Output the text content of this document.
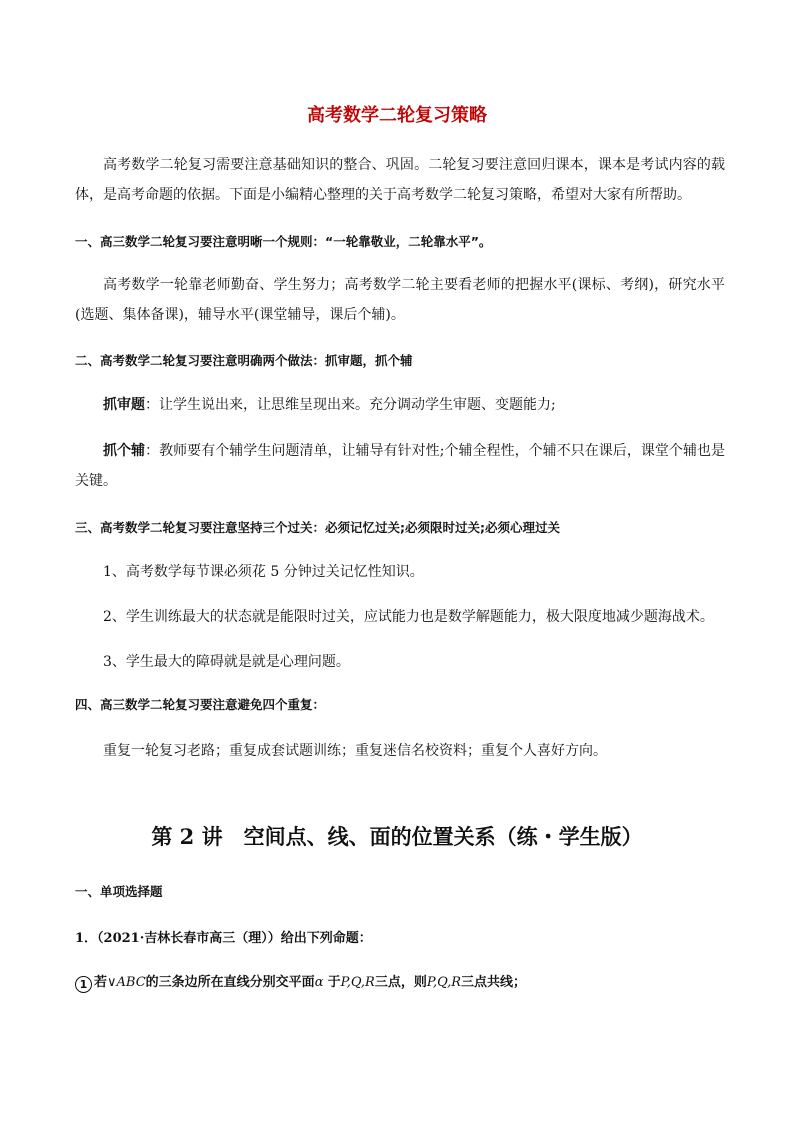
高考数学二轮复习策略
高考数学二轮复习需要注意基础知识的整合、巩固。二轮复习要注意回归课本，课本是考试内容的载体，是高考命题的依据。下面是小编精心整理的关于高考数学二轮复习策略，希望对大家有所帮助。
一、高三数学二轮复习要注意明晰一个规则：“一轮靠敬业，二轮靠水平”。
高考数学一轮靠老师勤奋、学生努力；高考数学二轮主要看老师的把握水平(课标、考纲)，研究水平(选题、集体备课)，辅导水平(课堂辅导，课后个辅)。
二、高考数学二轮复习要注意明确两个做法：抓审题，抓个辅
抓审题：让学生说出来，让思维呈现出来。充分调动学生审题、变题能力;
抓个辅：教师要有个辅学生问题清单，让辅导有针对性;个辅全程性，个辅不只在课后，课堂个辅也是关键。
三、高考数学二轮复习要注意坚持三个过关：必须记忆过关;必须限时过关;必须心理过关
1、高考数学每节课必须花 5 分钟过关记忆性知识。
2、学生训练最大的状态就是能限时过关，应试能力也是数学解题能力，极大限度地减少题海战术。
3、学生最大的障碍就是就是心理问题。
四、高三数学二轮复习要注意避免四个重复：
重复一轮复习老路；重复成套试题训练；重复迷信名校资料；重复个人喜好方向。
第 2 讲　空间点、线、面的位置关系（练・学生版）
一、单项选择题
1．（2021·吉林长春市高三（理））给出下列命题：
1 若∨ABC的三条边所在直线分别交平面α 于P,Q,R三点，则P,Q,R三点共线；
